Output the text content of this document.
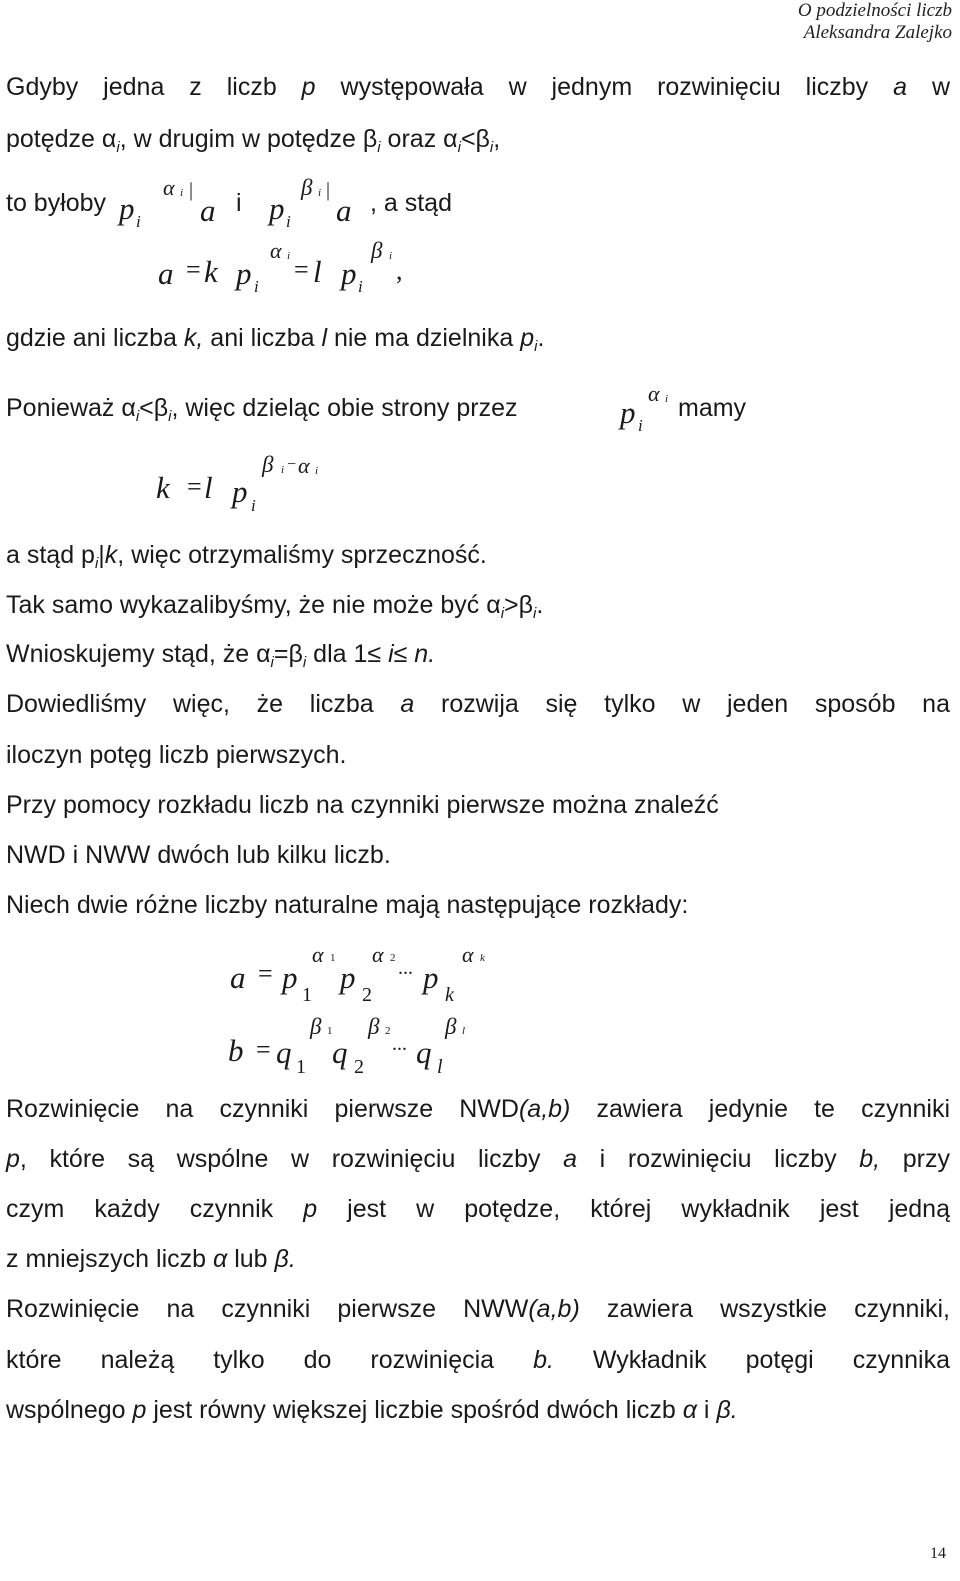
O podzielności liczb
Aleksandra Zalejko
Gdyby jedna z liczb p występowała w jednym rozwinięciu liczby a w
potędze $\alpha_i$, w drugim w potędze $\beta_i$ oraz $\alpha_i<\beta_i$,
to byłoby p i
α i |
a i p i
β i |
a , a stąd
a = k p i
α i = l p i
β i ,
gdzie ani liczba k, ani liczba l nie ma dzielnika $p_i$.
Ponieważ $\alpha_i<\beta_i$, więc dzieląc obie strony przez	p i
α i mamy
k = l p i
β i − α i
a stąd $p_i|k$, więc otrzymaliśmy sprzeczność.
Tak samo wykazalibyśmy, że nie może być $\alpha_i>\beta_i$.
Wnioskujemy stąd, że $\alpha_i=\beta_i$ dla 1≤ i≤ n.
Dowiedliśmy więc, że liczba a rozwija się tylko w jeden sposób na
iloczyn potęg liczb pierwszych.
Przy pomocy rozkładu liczb na czynniki pierwsze można znaleźć
NWD i NWW dwóch lub kilku liczb.
Niech dwie różne liczby naturalne mają następujące rozkłady:
a = p 1
α 1
p 2
α 2 ... p k
α k
b = q 1
β 1
q 2
β 2
... q l
β l
Rozwinięcie na czynniki pierwsze NWD(a,b) zawiera jedynie te czynniki
p, które są wspólne w rozwinięciu liczby a i rozwinięciu liczby b, przy
czym każdy czynnik p jest w potędze, której wykładnik jest jedną
z mniejszych liczb α lub β.
Rozwinięcie na czynniki pierwsze NWW(a,b) zawiera wszystkie czynniki,
które należą tylko do rozwinięcia b. Wykładnik potęgi czynnika
wspólnego p jest równy większej liczbie spośród dwóch liczb α i β.
14
